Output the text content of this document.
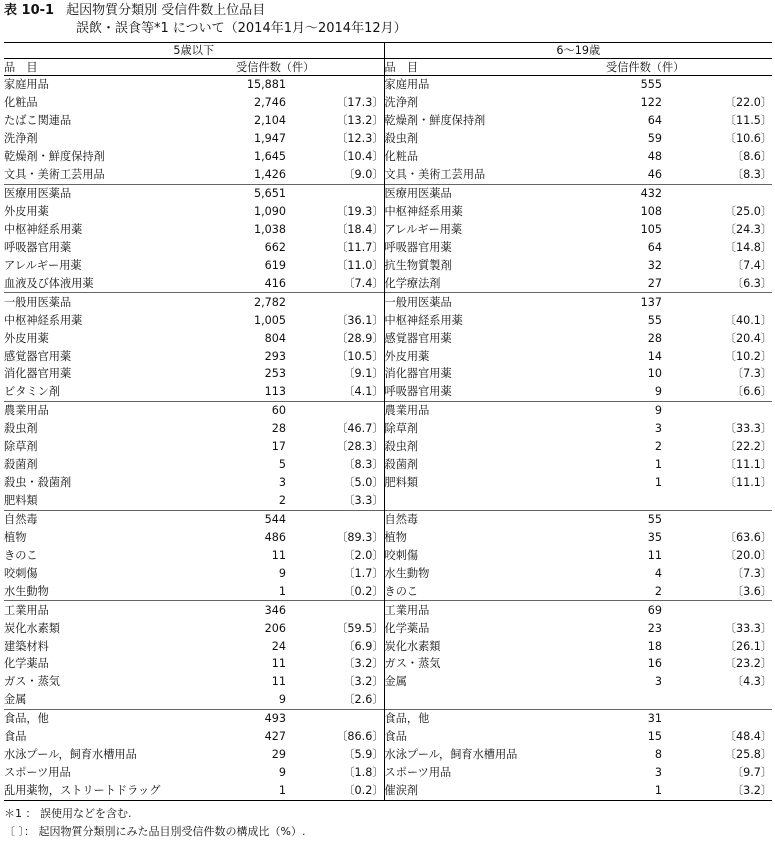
表 10-1 起因物質分類別 受信件数上位品目
誤飲・誤食等*1 について（2014年1月～2014年12月）
5歳以下			6～19歳		
品　目	受信件数（件）		品　目	受信件数（件）	
家庭用品	15,881		家庭用品	555	
化粧品	2,746	〔17.3〕	洗浄剤	122	〔22.0〕
たばこ関連品	2,104	〔13.2〕	乾燥剤・鮮度保持剤	64	〔11.5〕
洗浄剤	1,947	〔12.3〕	殺虫剤	59	〔10.6〕
乾燥剤・鮮度保持剤	1,645	〔10.4〕	化粧品	48	〔8.6〕
文具・美術工芸用品	1,426	〔9.0〕	文具・美術工芸用品	46	〔8.3〕
医療用医薬品	5,651		医療用医薬品	432	
外皮用薬	1,090	〔19.3〕	中枢神経系用薬	108	〔25.0〕
中枢神経系用薬	1,038	〔18.4〕	アレルギー用薬	105	〔24.3〕
呼吸器官用薬	662	〔11.7〕	呼吸器官用薬	64	〔14.8〕
アレルギー用薬	619	〔11.0〕	抗生物質製剤	32	〔7.4〕
血液及び体液用薬	416	〔7.4〕	化学療法剤	27	〔6.3〕
一般用医薬品	2,782		一般用医薬品	137	
中枢神経系用薬	1,005	〔36.1〕	中枢神経系用薬	55	〔40.1〕
外皮用薬	804	〔28.9〕	感覚器官用薬	28	〔20.4〕
感覚器官用薬	293	〔10.5〕	外皮用薬	14	〔10.2〕
消化器官用薬	253	〔9.1〕	消化器官用薬	10	〔7.3〕
ビタミン剤	113	〔4.1〕	呼吸器官用薬	9	〔6.6〕
農業用品	60		農業用品	9	
殺虫剤	28	〔46.7〕	除草剤	3	〔33.3〕
除草剤	17	〔28.3〕	殺虫剤	2	〔22.2〕
殺菌剤	5	〔8.3〕	殺菌剤	1	〔11.1〕
殺虫・殺菌剤	3	〔5.0〕	肥料類	1	〔11.1〕
肥料類	2	〔3.3〕			
自然毒	544		自然毒	55	
植物	486	〔89.3〕	植物	35	〔63.6〕
きのこ	11	〔2.0〕	咬刺傷	11	〔20.0〕
咬刺傷	9	〔1.7〕	水生動物	4	〔7.3〕
水生動物	1	〔0.2〕	きのこ	2	〔3.6〕
工業用品	346		工業用品	69	
炭化水素類	206	〔59.5〕	化学薬品	23	〔33.3〕
建築材料	24	〔6.9〕	炭化水素類	18	〔26.1〕
化学薬品	11	〔3.2〕	ガス・蒸気	16	〔23.2〕
ガス・蒸気	11	〔3.2〕	金属	3	〔4.3〕
金属	9	〔2.6〕			
食品，他	493		食品，他	31	
食品	427	〔86.6〕	食品	15	〔48.4〕
水泳プール，飼育水槽用品	29	〔5.9〕	水泳プール，飼育水槽用品	8	〔25.8〕
スポーツ用品	9	〔1.8〕	スポーツ用品	3	〔9.7〕
乱用薬物，ストリートドラッグ	1	〔0.2〕	催涙剤	1	〔3.2〕
＊1 ： 誤使用などを含む.
〔 〕： 起因物質分類別にみた品目別受信件数の構成比（%）.
